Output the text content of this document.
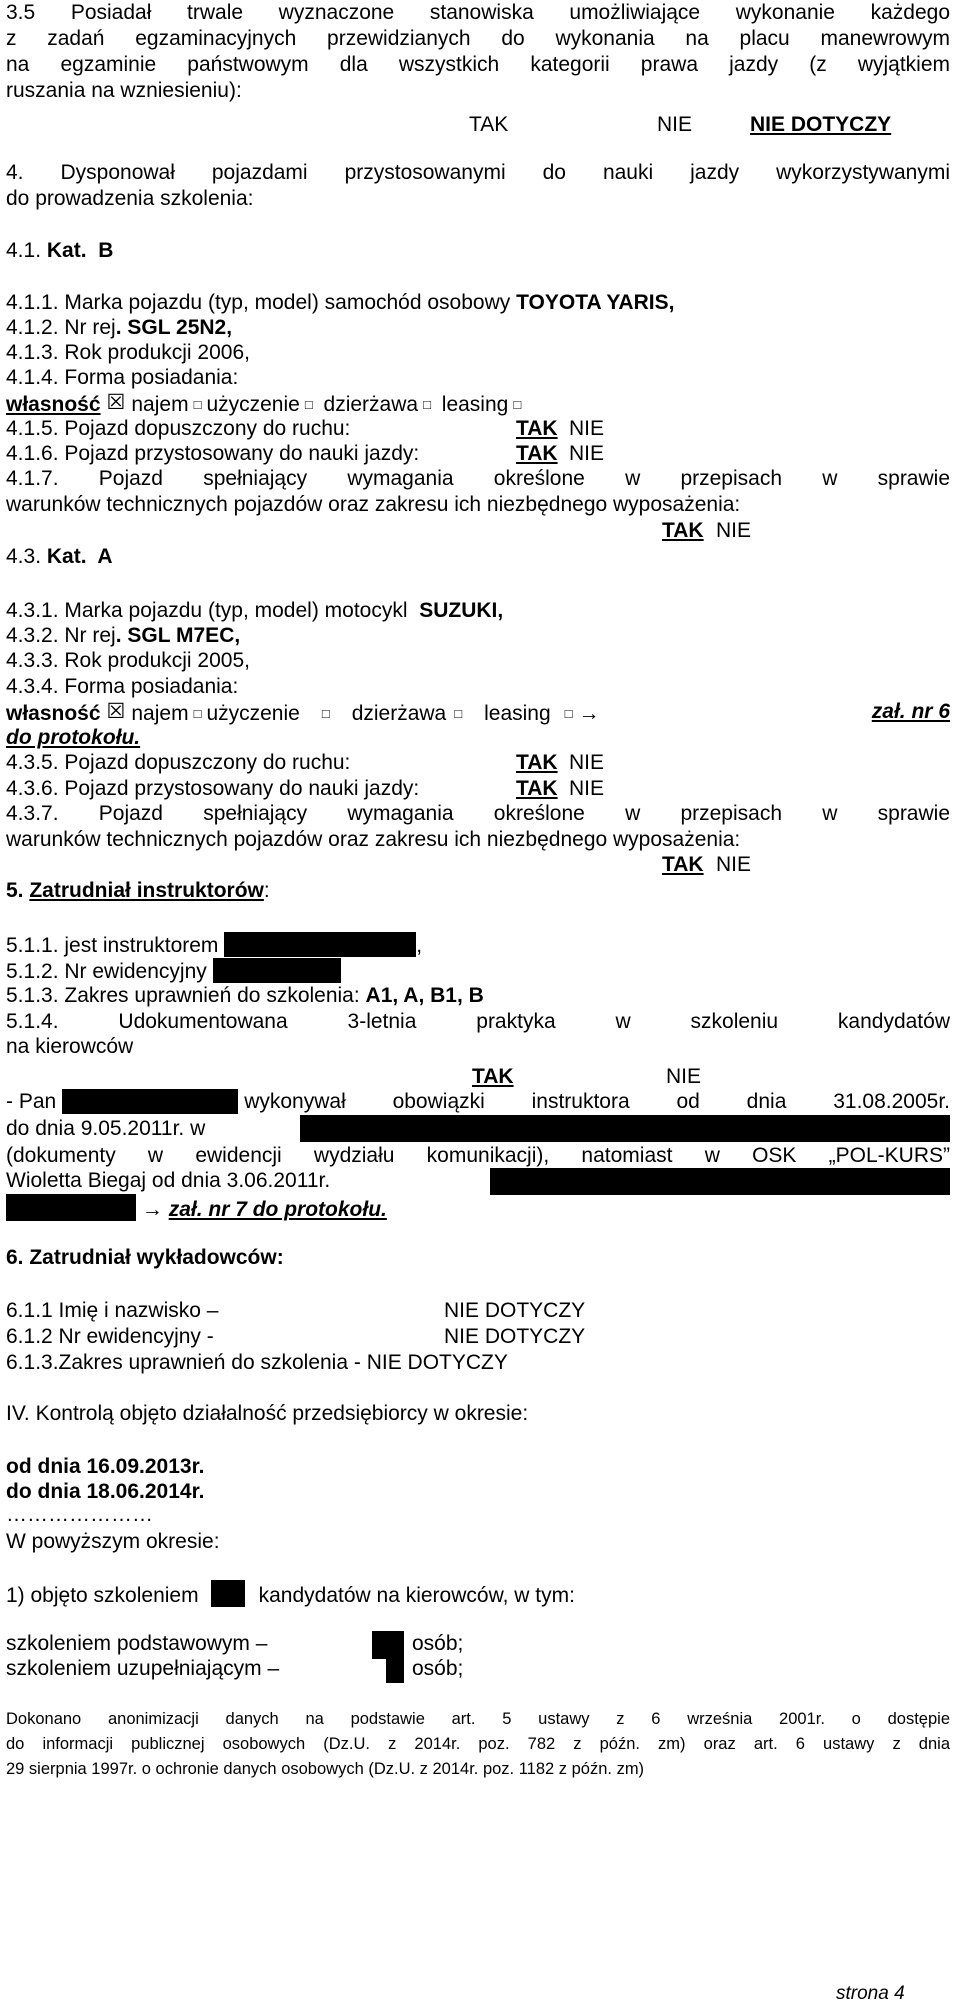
3.5 Posiadał trwale wyznaczone stanowiska umożliwiające wykonanie każdego
z zadań egzaminacyjnych przewidzianych do wykonania na placu manewrowym
na egzaminie państwowym dla wszystkich kategorii prawa jazdy (z wyjątkiem
ruszania na wzniesieniu):
TAK	NIE	NIE DOTYCZY
4. Dysponował pojazdami przystosowanymi do nauki jazdy wykorzystywanymi
do prowadzenia szkolenia:
4.1. Kat.  B
4.1.1. Marka pojazdu (typ, model) samochód osobowy TOYOTA YARIS,
4.1.2. Nr rej. SGL 25N2,
4.1.3. Rok produkcji 2006,
4.1.4. Forma posiadania:
własność ☒ najem □ użyczenie □ dzierżawa □ leasing □
4.1.5. Pojazd dopuszczony do ruchu:	TAK NIE
4.1.6. Pojazd przystosowany do nauki jazdy:	TAK NIE
4.1.7. Pojazd spełniający wymagania określone w przepisach w sprawie
warunków technicznych pojazdów oraz zakresu ich niezbędnego wyposażenia:
TAK NIE
4.3. Kat.  A
4.3.1. Marka pojazdu (typ, model) motocykl SUZUKI,
4.3.2. Nr rej. SGL M7EC,
4.3.3. Rok produkcji 2005,
4.3.4. Forma posiadania:
własność ☒ najem □ użyczenie □ dzierżawa □ leasing □ →	zał. nr 6
do protokołu.
4.3.5. Pojazd dopuszczony do ruchu:	TAK NIE
4.3.6. Pojazd przystosowany do nauki jazdy:	TAK NIE
4.3.7. Pojazd spełniający wymagania określone w przepisach w sprawie
warunków technicznych pojazdów oraz zakresu ich niezbędnego wyposażenia:
TAK NIE
5. Zatrudniał instruktorów:
5.1.1. jest instruktorem	,
5.1.2. Nr ewidencyjny
5.1.3. Zakres uprawnień do szkolenia: A1, A, B1, B
5.1.4. Udokumentowana 3-letnia praktyka w szkoleniu kandydatów
na kierowców
TAK	NIE
- Pan	wykonywał obowiązki instruktora od dnia 31.08.2005r.
do dnia 9.05.2011r. w
(dokumenty w ewidencji wydziału komunikacji), natomiast w OSK „POL-KURS”
Wioletta Biegaj od dnia 3.06.2011r.
→ zał. nr 7 do protokołu.
6. Zatrudniał wykładowców:
6.1.1 Imię i nazwisko –	NIE DOTYCZY
6.1.2 Nr ewidencyjny -	NIE DOTYCZY
6.1.3.Zakres uprawnień do szkolenia - NIE DOTYCZY
IV. Kontrolą objęto działalność przedsiębiorcy w okresie:
od dnia 16.09.2013r.
do dnia 18.06.2014r.
…………………
W powyższym okresie:
1) objęto szkoleniem	kandydatów na kierowców, w tym:
szkoleniem podstawowym –	osób;
szkoleniem uzupełniającym –	osób;
Dokonano anonimizacji danych na podstawie art. 5 ustawy z 6 września 2001r. o dostępie
do informacji publicznej osobowych (Dz.U. z 2014r. poz. 782 z późn. zm) oraz art. 6 ustawy z dnia
29 sierpnia 1997r. o ochronie danych osobowych (Dz.U. z 2014r. poz. 1182 z późn. zm)
strona 4
